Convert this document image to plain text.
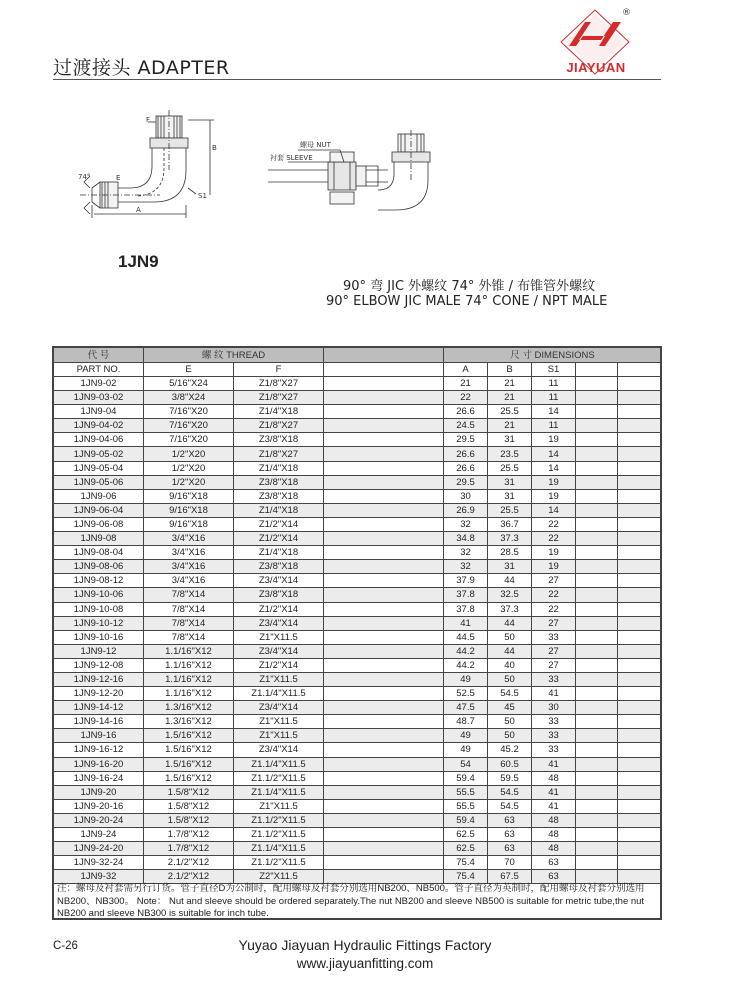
过渡接头 ADAPTER
®
JIAYUAN
74°
F
E
B
A
S1
螺母 NUT
衬套 SLEEVE
1JN9
90° 弯 JIC 外螺纹 74° 外锥 / 布锥管外螺纹
90° ELBOW JIC MALE 74° CONE / NPT MALE
代 号	螺 纹 THREAD			尺 寸 DIMENSIONS				
PART NO.	E	F		A	B	S1		
1JN9-02	5/16"X24	Z1/8"X27		21	21	11		
1JN9-03-02	3/8"X24	Z1/8"X27		22	21	11		
1JN9-04	7/16"X20	Z1/4"X18		26.6	25.5	14		
1JN9-04-02	7/16"X20	Z1/8"X27		24.5	21	11		
1JN9-04-06	7/16"X20	Z3/8"X18		29.5	31	19		
1JN9-05-02	1/2"X20	Z1/8"X27		26.6	23.5	14		
1JN9-05-04	1/2"X20	Z1/4"X18		26.6	25.5	14		
1JN9-05-06	1/2"X20	Z3/8"X18		29.5	31	19		
1JN9-06	9/16"X18	Z3/8"X18		30	31	19		
1JN9-06-04	9/16"X18	Z1/4"X18		26.9	25.5	14		
1JN9-06-08	9/16"X18	Z1/2"X14		32	36.7	22		
1JN9-08	3/4"X16	Z1/2"X14		34.8	37.3	22		
1JN9-08-04	3/4"X16	Z1/4"X18		32	28.5	19		
1JN9-08-06	3/4"X16	Z3/8"X18		32	31	19		
1JN9-08-12	3/4"X16	Z3/4"X14		37.9	44	27		
1JN9-10-06	7/8"X14	Z3/8"X18		37.8	32.5	22		
1JN9-10-08	7/8"X14	Z1/2"X14		37.8	37.3	22		
1JN9-10-12	7/8"X14	Z3/4"X14		41	44	27		
1JN9-10-16	7/8"X14	Z1"X11.5		44.5	50	33		
1JN9-12	1.1/16"X12	Z3/4"X14		44.2	44	27		
1JN9-12-08	1.1/16"X12	Z1/2"X14		44.2	40	27		
1JN9-12-16	1.1/16"X12	Z1"X11.5		49	50	33		
1JN9-12-20	1.1/16"X12	Z1.1/4"X11.5		52.5	54.5	41		
1JN9-14-12	1.3/16"X12	Z3/4"X14		47.5	45	30		
1JN9-14-16	1.3/16"X12	Z1"X11.5		48.7	50	33		
1JN9-16	1.5/16"X12	Z1"X11.5		49	50	33		
1JN9-16-12	1.5/16"X12	Z3/4"X14		49	45.2	33		
1JN9-16-20	1.5/16"X12	Z1.1/4"X11.5		54	60.5	41		
1JN9-16-24	1.5/16"X12	Z1.1/2"X11.5		59.4	59.5	48		
1JN9-20	1.5/8"X12	Z1.1/4"X11.5		55.5	54.5	41		
1JN9-20-16	1.5/8"X12	Z1"X11.5		55.5	54.5	41		
1JN9-20-24	1.5/8"X12	Z1.1/2"X11.5		59.4	63	48		
1JN9-24	1.7/8"X12	Z1.1/2"X11.5		62.5	63	48		
1JN9-24-20	1.7/8"X12	Z1.1/4"X11.5		62.5	63	48		
1JN9-32-24	2.1/2"X12	Z1.1/2"X11.5		75.4	70	63		
1JN9-32	2.1/2"X12	Z2"X11.5		75.4	67.5	63		
注：螺母及衬套需另行订货。管子直径D为公制时，配用螺母及衬套分别选用NB200、NB500。管子直径为英制时，配用螺母及衬套分别选用NB200、NB300。 Note： Nut and sleeve should be ordered separately.The nut NB200 and sleeve NB500 is suitable for metric tube,the nut NB200 and sleeve NB300 is suitable for inch tube.
C-26	Yuyao Jiayuan Hydraulic Fittings Factory
www.jiayuanfitting.com
